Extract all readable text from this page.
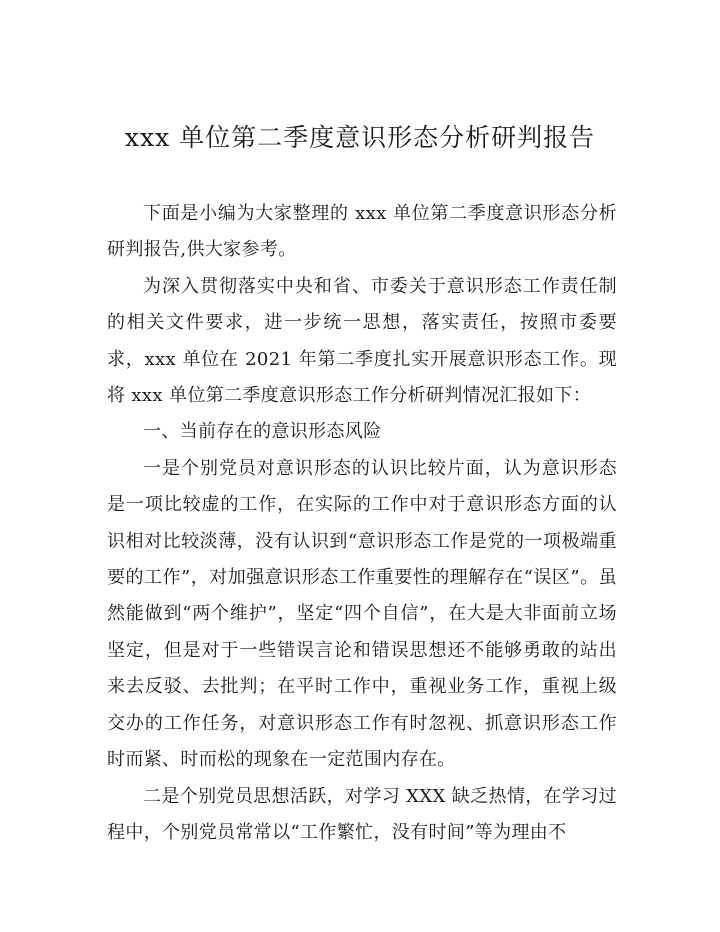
xxx 单位第二季度意识形态分析研判报告

下面是小编为大家整理的 xxx 单位第二季度意识形态分析研判报告,供大家参考。

为深入贯彻落实中央和省、市委关于意识形态工作责任制的相关文件要求，进一步统一思想，落实责任，按照市委要求，xxx 单位在 2021 年第二季度扎实开展意识形态工作。现将 xxx 单位第二季度意识形态工作分析研判情况汇报如下：

一、当前存在的意识形态风险

一是个别党员对意识形态的认识比较片面，认为意识形态是一项比较虚的工作，在实际的工作中对于意识形态方面的认识相对比较淡薄，没有认识到“意识形态工作是党的一项极端重要的工作”，对加强意识形态工作重要性的理解存在“误区”。虽然能做到“两个维护”，坚定“四个自信”，在大是大非面前立场坚定，但是对于一些错误言论和错误思想还不能够勇敢的站出来去反驳、去批判；在平时工作中，重视业务工作，重视上级交办的工作任务，对意识形态工作有时忽视、抓意识形态工作时而紧、时而松的现象在一定范围内存在。

二是个别党员思想活跃，对学习 XXX 缺乏热情，在学习过程中，个别党员常常以“工作繁忙，没有时间”等为理由不
